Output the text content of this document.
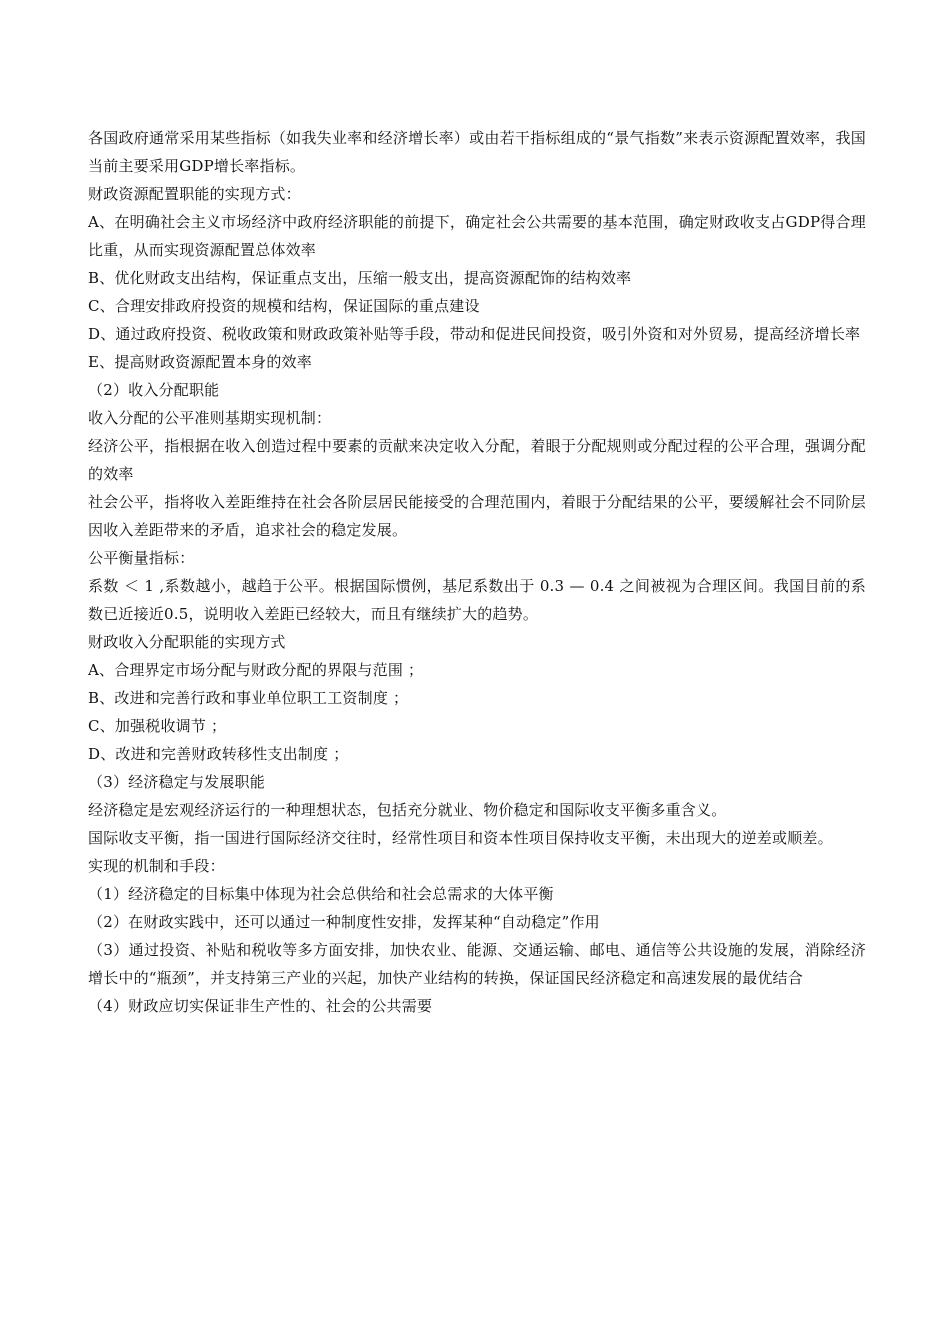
各国政府通常采用某些指标（如我失业率和经济增长率）或由若干指标组成的“景气指数”来表示资源配置效率，我国当前主要采用GDP增长率指标。

财政资源配置职能的实现方式：

A、在明确社会主义市场经济中政府经济职能的前提下，确定社会公共需要的基本范围，确定财政收支占GDP得合理比重，从而实现资源配置总体效率

B、优化财政支出结构，保证重点支出，压缩一般支出，提高资源配饰的结构效率

C、合理安排政府投资的规模和结构，保证国际的重点建设

D、通过政府投资、税收政策和财政政策补贴等手段，带动和促进民间投资，吸引外资和对外贸易，提高经济增长率

E、提高财政资源配置本身的效率

（2）收入分配职能

收入分配的公平准则基期实现机制：

经济公平，指根据在收入创造过程中要素的贡献来决定收入分配，着眼于分配规则或分配过程的公平合理，强调分配的效率

社会公平，指将收入差距维持在社会各阶层居民能接受的合理范围内，着眼于分配结果的公平，要缓解社会不同阶层因收入差距带来的矛盾，追求社会的稳定发展。

公平衡量指标：

系数 ＜ 1 ,系数越小，越趋于公平。根据国际惯例，基尼系数出于 0.3 — 0.4 之间被视为合理区间。我国目前的系数已近接近0.5，说明收入差距已经较大，而且有继续扩大的趋势。

财政收入分配职能的实现方式

A、合理界定市场分配与财政分配的界限与范围 ；

B、改进和完善行政和事业单位职工工资制度 ；

C、加强税收调节 ；

D、改进和完善财政转移性支出制度 ；

（3）经济稳定与发展职能

经济稳定是宏观经济运行的一种理想状态，包括充分就业、物价稳定和国际收支平衡多重含义。

国际收支平衡，指一国进行国际经济交往时，经常性项目和资本性项目保持收支平衡，未出现大的逆差或顺差。

实现的机制和手段：

（1）经济稳定的目标集中体现为社会总供给和社会总需求的大体平衡

（2）在财政实践中，还可以通过一种制度性安排，发挥某种“自动稳定”作用

（3）通过投资、补贴和税收等多方面安排，加快农业、能源、交通运输、邮电、通信等公共设施的发展，消除经济增长中的“瓶颈”，并支持第三产业的兴起，加快产业结构的转换，保证国民经济稳定和高速发展的最优结合

（4）财政应切实保证非生产性的、社会的公共需要
